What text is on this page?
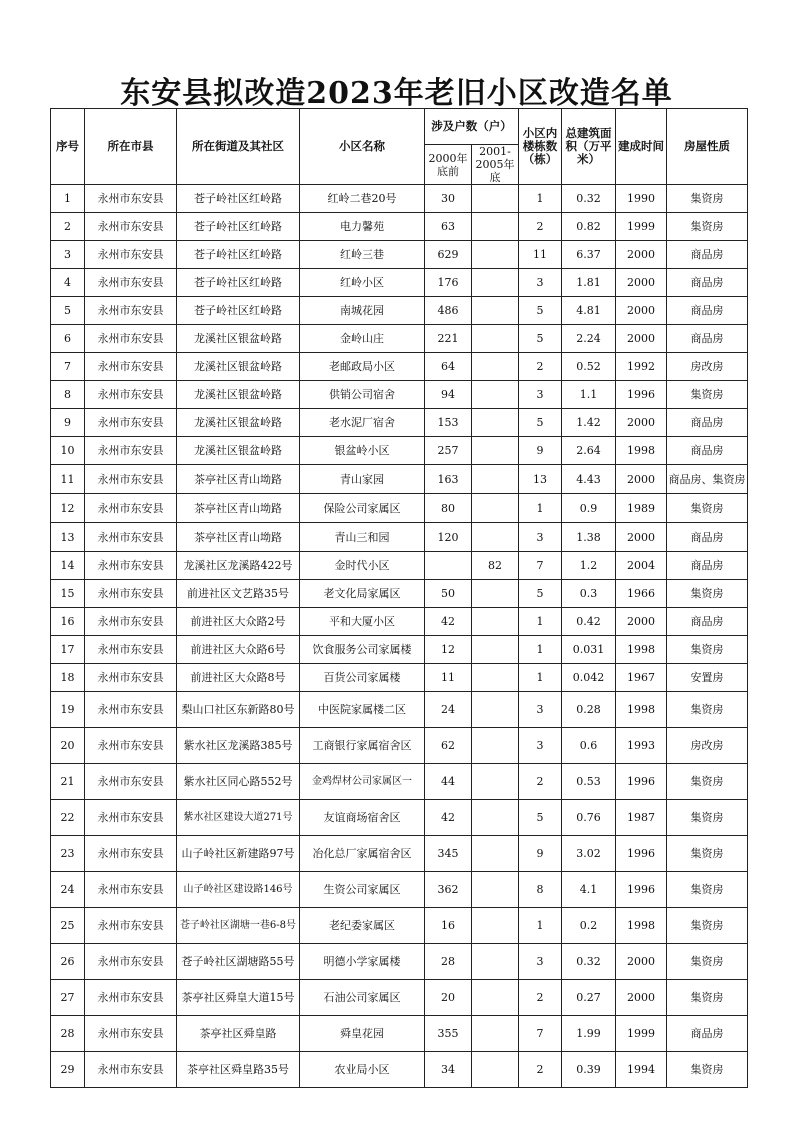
东安县拟改造2023年老旧小区改造名单
序号	所在市县	所在街道及其社区	小区名称	涉及户数（户）		小区内楼栋数（栋）	总建筑面积（万平米）	建成时间	房屋性质
				2000年底前	2001-2005年底				
1	永州市东安县	苍子岭社区红岭路	红岭二巷20号	30		1	0.32	1990	集资房
2	永州市东安县	苍子岭社区红岭路	电力馨苑	63		2	0.82	1999	集资房
3	永州市东安县	苍子岭社区红岭路	红岭三巷	629		11	6.37	2000	商品房
4	永州市东安县	苍子岭社区红岭路	红岭小区	176		3	1.81	2000	商品房
5	永州市东安县	苍子岭社区红岭路	南城花园	486		5	4.81	2000	商品房
6	永州市东安县	龙溪社区银盆岭路	金岭山庄	221		5	2.24	2000	商品房
7	永州市东安县	龙溪社区银盆岭路	老邮政局小区	64		2	0.52	1992	房改房
8	永州市东安县	龙溪社区银盆岭路	供销公司宿舍	94		3	1.1	1996	集资房
9	永州市东安县	龙溪社区银盆岭路	老水泥厂宿舍	153		5	1.42	2000	商品房
10	永州市东安县	龙溪社区银盆岭路	银盆岭小区	257		9	2.64	1998	商品房
11	永州市东安县	茶亭社区青山坳路	青山家园	163		13	4.43	2000	商品房、集资房
12	永州市东安县	茶亭社区青山坳路	保险公司家属区	80		1	0.9	1989	集资房
13	永州市东安县	茶亭社区青山坳路	青山三和园	120		3	1.38	2000	商品房
14	永州市东安县	龙溪社区龙溪路422号	金时代小区		82	7	1.2	2004	商品房
15	永州市东安县	前进社区文艺路35号	老文化局家属区	50		5	0.3	1966	集资房
16	永州市东安县	前进社区大众路2号	平和大厦小区	42		1	0.42	2000	商品房
17	永州市东安县	前进社区大众路6号	饮食服务公司家属楼	12		1	0.031	1998	集资房
18	永州市东安县	前进社区大众路8号	百货公司家属楼	11		1	0.042	1967	安置房
19	永州市东安县	梨山口社区东新路80号	中医院家属楼二区	24		3	0.28	1998	集资房
20	永州市东安县	紫水社区龙溪路385号	工商银行家属宿舍区	62		3	0.6	1993	房改房
21	永州市东安县	紫水社区同心路552号	金鸡焊材公司家属区一	44		2	0.53	1996	集资房
22	永州市东安县	紫水社区建设大道271号	友谊商场宿舍区	42		5	0.76	1987	集资房
23	永州市东安县	山子岭社区新建路97号	冶化总厂家属宿舍区	345		9	3.02	1996	集资房
24	永州市东安县	山子岭社区建设路146号	生资公司家属区	362		8	4.1	1996	集资房
25	永州市东安县	苍子岭社区湖塘一巷6-8号	老纪委家属区	16		1	0.2	1998	集资房
26	永州市东安县	苍子岭社区湖塘路55号	明德小学家属楼	28		3	0.32	2000	集资房
27	永州市东安县	茶亭社区舜皇大道15号	石油公司家属区	20		2	0.27	2000	集资房
28	永州市东安县	茶亭社区舜皇路	舜皇花园	355		7	1.99	1999	商品房
29	永州市东安县	茶亭社区舜皇路35号	农业局小区	34		2	0.39	1994	集资房
